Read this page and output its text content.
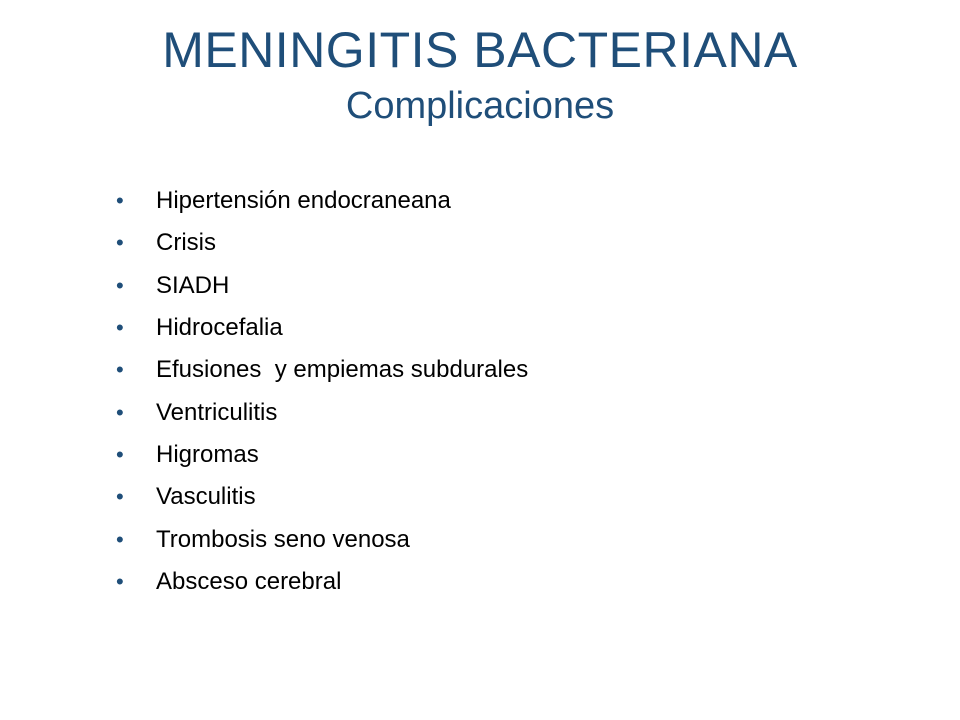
MENINGITIS BACTERIANA
Complicaciones
•	Hipertensión endocraneana
•	Crisis
•	SIADH
•	Hidrocefalia
•	Efusiones  y empiemas subdurales
•	Ventriculitis
•	Higromas
•	Vasculitis
•	Trombosis seno venosa
•	Absceso cerebral
